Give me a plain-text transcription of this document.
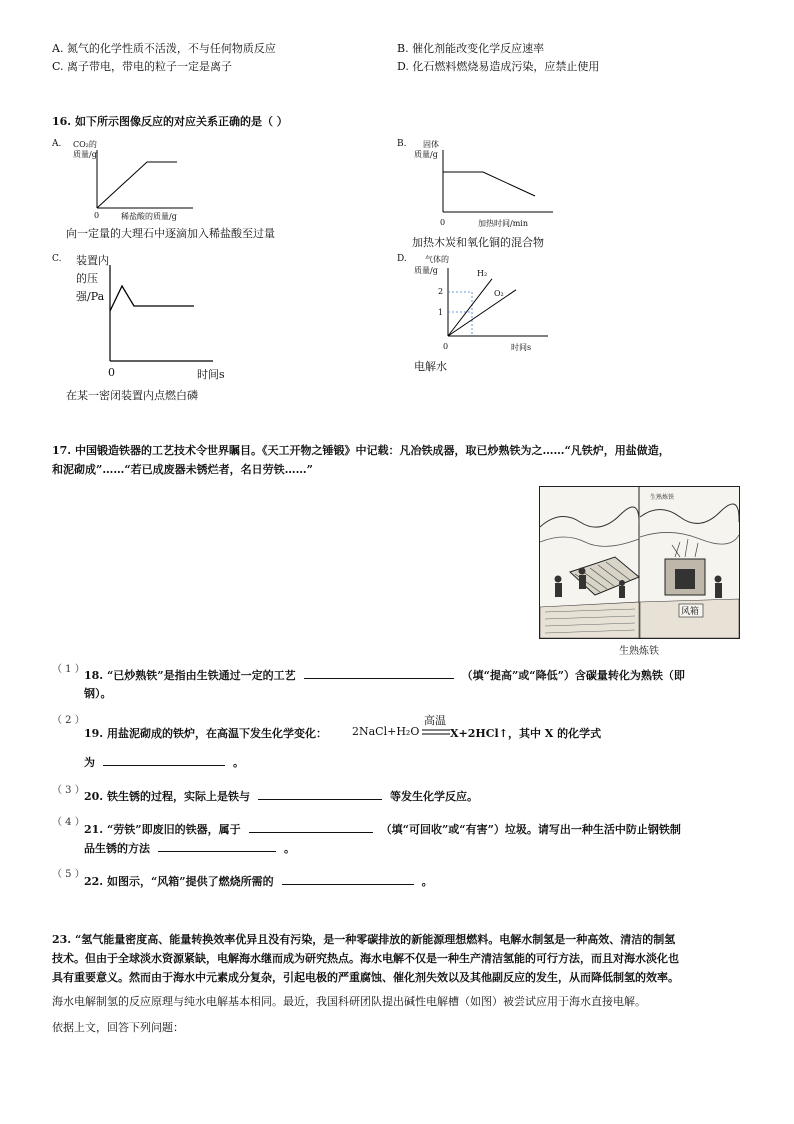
A. 氮气的化学性质不活泼，不与任何物质反应	B. 催化剂能改变化学反应速率
C. 离子带电，带电的粒子一定是离子	D. 化石燃料燃烧易造成污染，应禁止使用
16. 如下所示图像反应的对应关系正确的是（ ）
A. CO₂的
质量/g
0	稀盐酸的质量/g
向一定量的大理石中逐滴加入稀盐酸至过量
B. 固体
质量/g
0	加热时间/min
加热木炭和氧化铜的混合物
C. 装置内
的压
强/Pa
0	时间s
在某一密闭装置内点燃白磷
D. 气体的
质量/g	H₂
O₂
2
1
0	时间s
电解水
17. 中国锻造铁器的工艺技术令世界瞩目。《天工开物之锤锻》中记载：凡冶铁成器，取已炒熟铁为之……“凡铁炉，用盐做造，
和泥砌成”……“若已成废器未锈烂者，名日劳铁……”
生熟炼铁
风箱
生熟炼铁
（ 1 ） 18. “已炒熟铁”是指由生铁通过一定的工艺	（填“提高”或“降低”）含碳量转化为熟铁（即
钢）。
（ 2 ）
19. 用盐泥砌成的铁炉，在高温下发生化学变化： 2NaCl+H₂O
高温
X+2HCl↑，其中 X 的化学式
为	。
（ 3 ） 20. 铁生锈的过程，实际上是铁与	等发生化学反应。
（ 4 ）
21. “劳铁”即废旧的铁器，属于	（填“可回收”或“有害”）垃圾。请写出一种生活中防止钢铁制
品生锈的方法	。
（ 5 ）
22. 如图示，“风箱”提供了燃烧所需的	。
23. “氢气能量密度高、能量转换效率优异且没有污染，是一种零碳排放的新能源理想燃料。电解水制氢是一种高效、清洁的制氢
技术。但由于全球淡水资源紧缺，电解海水继而成为研究热点。海水电解不仅是一种生产清洁氢能的可行方法，而且对海水淡化也
具有重要意义。然而由于海水中元素成分复杂，引起电极的严重腐蚀、催化剂失效以及其他副反应的发生，从而降低制氢的效率。
海水电解制氢的反应原理与纯水电解基本相同。最近，我国科研团队提出碱性电解槽（如图）被尝试应用于海水直接电解。
依据上文，回答下列问题：
